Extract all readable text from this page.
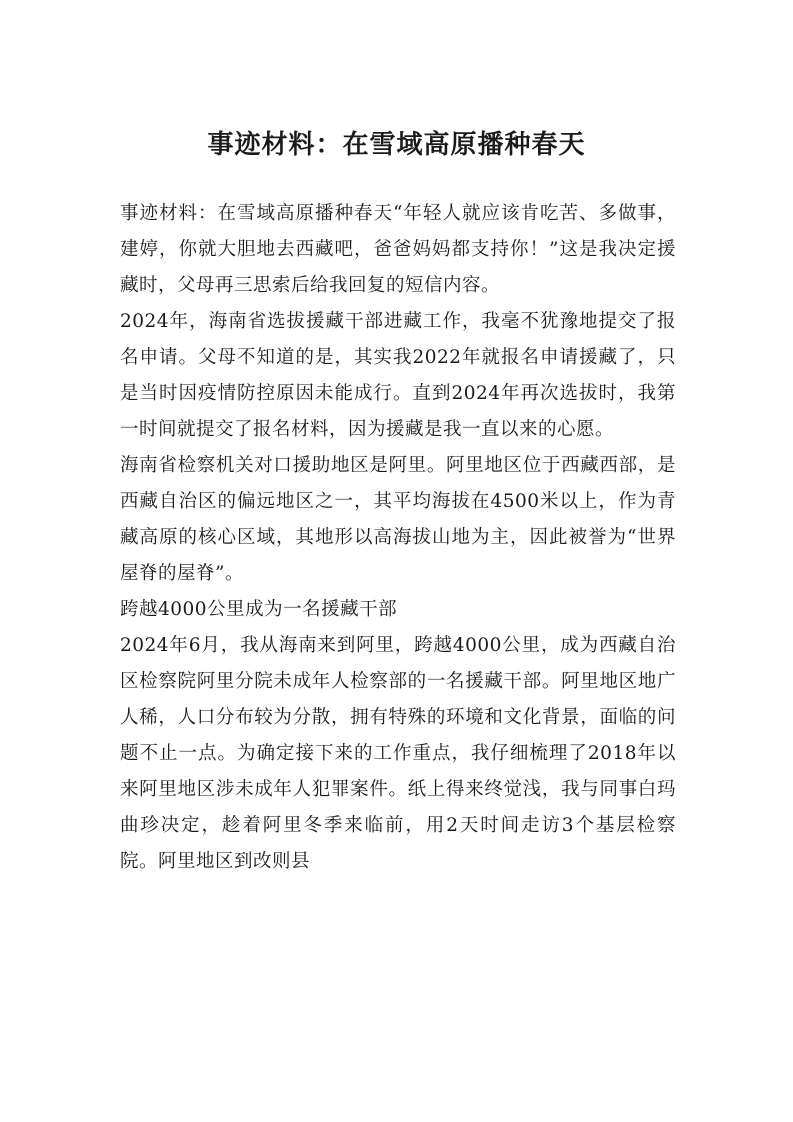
事迹材料：在雪域高原播种春天

事迹材料：在雪域高原播种春天“年轻人就应该肯吃苦、多做事，建婷，你就大胆地去西藏吧，爸爸妈妈都支持你！”这是我决定援藏时，父母再三思索后给我回复的短信内容。

2024年，海南省选拔援藏干部进藏工作，我毫不犹豫地提交了报名申请。父母不知道的是，其实我2022年就报名申请援藏了，只是当时因疫情防控原因未能成行。直到2024年再次选拔时，我第一时间就提交了报名材料，因为援藏是我一直以来的心愿。

海南省检察机关对口援助地区是阿里。阿里地区位于西藏西部，是西藏自治区的偏远地区之一，其平均海拔在4500米以上，作为青藏高原的核心区域，其地形以高海拔山地为主，因此被誉为“世界屋脊的屋脊”。

跨越4000公里成为一名援藏干部

2024年6月，我从海南来到阿里，跨越4000公里，成为西藏自治区检察院阿里分院未成年人检察部的一名援藏干部。阿里地区地广人稀，人口分布较为分散，拥有特殊的环境和文化背景，面临的问题不止一点。为确定接下来的工作重点，我仔细梳理了2018年以来阿里地区涉未成年人犯罪案件。纸上得来终觉浅，我与同事白玛曲珍决定，趁着阿里冬季来临前，用2天时间走访3个基层检察院。阿里地区到改则县
